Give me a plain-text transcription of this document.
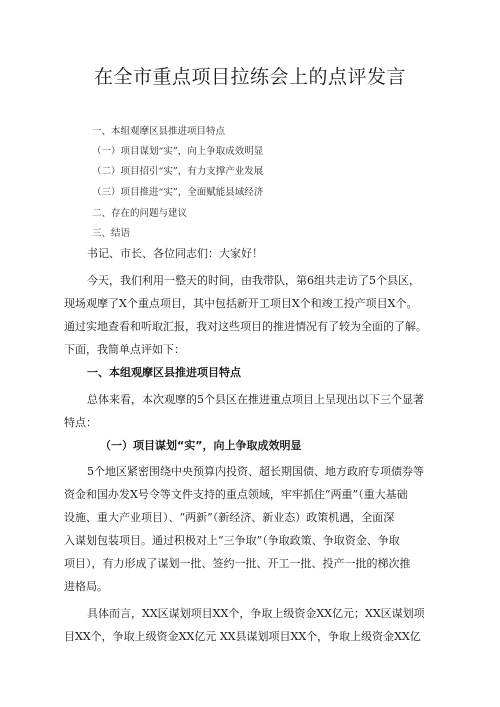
在全市重点项目拉练会上的点评发言
一、本组观摩区县推进项目特点
（一）项目谋划“实”，向上争取成效明显
（二）项目招引“实”，有力支撑产业发展
（三）项目推进“实”，全面赋能县域经济
二、存在的问题与建议
三、结语
书记、市长、各位同志们：大家好！
今天，我们利用一整天的时间，由我带队，第6组共走访了5个县区，
现场观摩了X个重点项目，其中包括新开工项目X个和竣工投产项目X个。
通过实地查看和听取汇报，我对这些项目的推进情况有了较为全面的了解。
下面，我简单点评如下：
一、本组观摩区县推进项目特点
总体来看，本次观摩的5个县区在推进重点项目上呈现出以下三个显著
特点：
（一）项目谋划“实”，向上争取成效明显
5个地区紧密围绕中央预算内投资、超长期国债、地方政府专项债券等
资金和国办发X号令等文件支持的重点领域，牢牢抓住“两重”（重大基础
设施、重大产业项目）、“两新”（新经济、新业态）政策机遇，全面深
入谋划包装项目。通过积极对上“三争取”（争取政策、争取资金、争取
项目），有力形成了谋划一批、签约一批、开工一批、投产一批的梯次推
进格局。
具体而言，XX区谋划项目XX个，争取上级资金XX亿元；XX区谋划项
目XX个，争取上级资金XX亿元 XX县谋划项目XX个，争取上级资金XX亿
